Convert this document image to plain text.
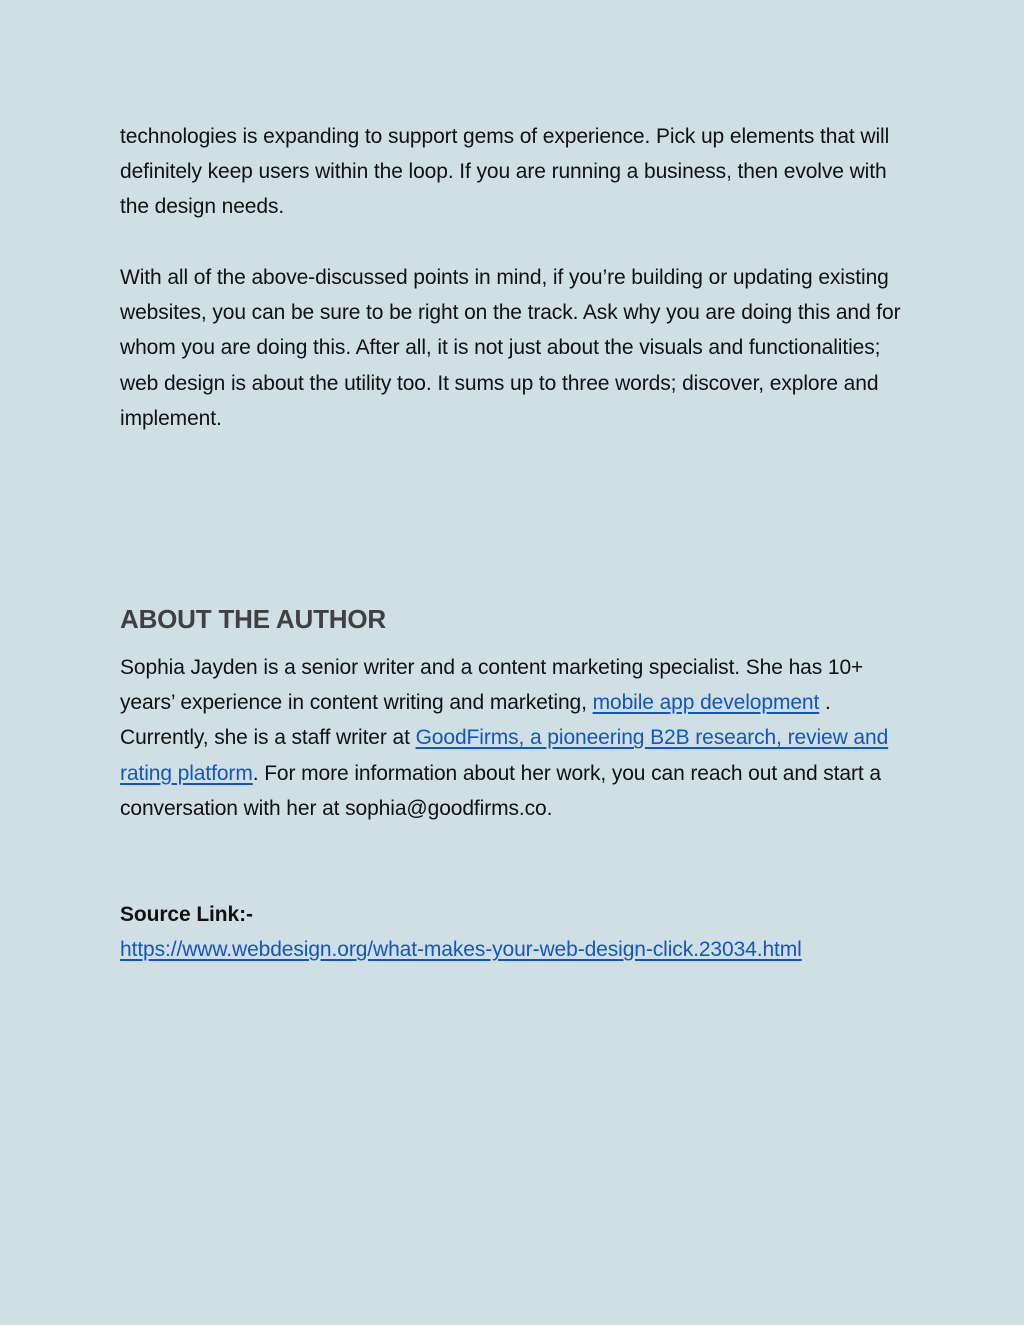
technologies is expanding to support gems of experience. Pick up elements that will definitely keep users within the loop. If you are running a business, then evolve with the design needs.

With all of the above-discussed points in mind, if you’re building or updating existing websites, you can be sure to be right on the track. Ask why you are doing this and for whom you are doing this. After all, it is not just about the visuals and functionalities; web design is about the utility too. It sums up to three words; discover, explore and implement.

ABOUT THE AUTHOR

Sophia Jayden is a senior writer and a content marketing specialist. She has 10+ years’ experience in content writing and marketing, mobile app development . Currently, she is a staff writer at GoodFirms, a pioneering B2B research, review and rating platform. For more information about her work, you can reach out and start a conversation with her at sophia@goodfirms.co.

Source Link:-
https://www.webdesign.org/what-makes-your-web-design-click.23034.html
